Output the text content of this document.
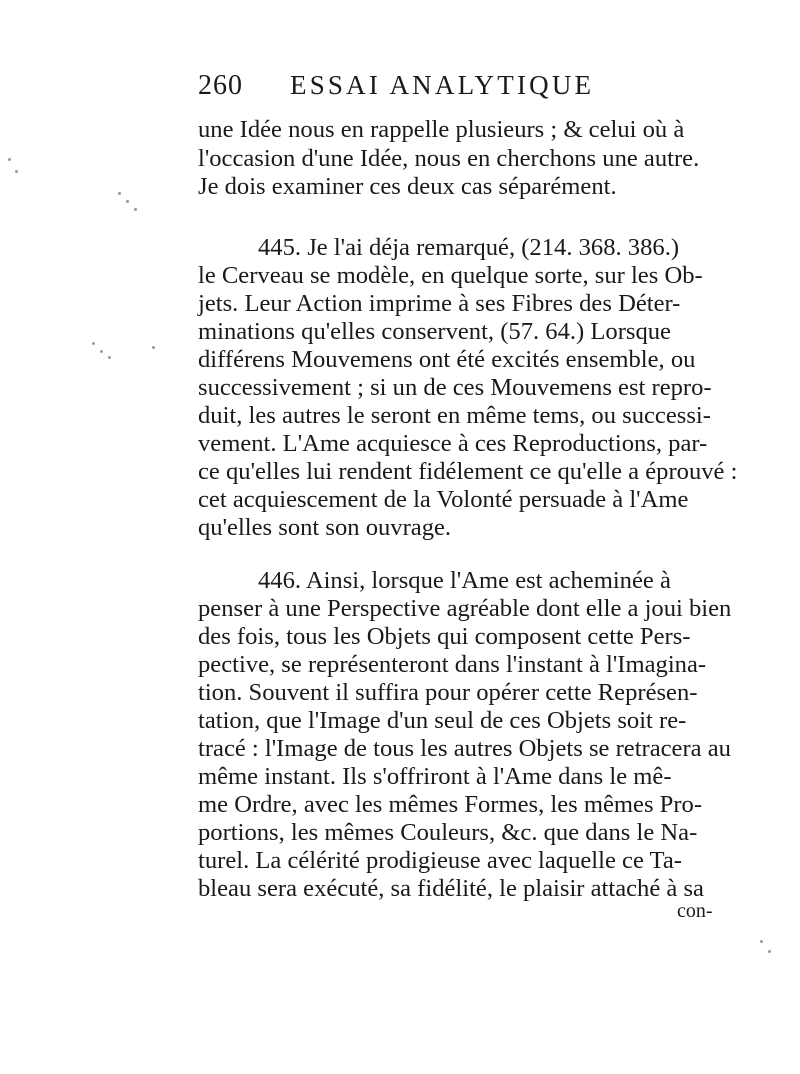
260 ESSAI ANALYTIQUE
une Idée nous en rappelle plusieurs ; & celui où à
l'occasion d'une Idée, nous en cherchons une autre.
Je dois examiner ces deux cas séparément.
445. Je l'ai déja remarqué, (214. 368. 386.)
le Cerveau se modèle, en quelque sorte, sur les Ob-
jets. Leur Action imprime à ses Fibres des Déter-
minations qu'elles conservent, (57. 64.) Lorsque
différens Mouvemens ont été excités ensemble, ou
successivement ; si un de ces Mouvemens est repro-
duit, les autres le seront en même tems, ou successi-
vement. L'Ame acquiesce à ces Reproductions, par-
ce qu'elles lui rendent fidélement ce qu'elle a éprouvé :
cet acquiescement de la Volonté persuade à l'Ame
qu'elles sont son ouvrage.
446. Ainsi, lorsque l'Ame est acheminée à
penser à une Perspective agréable dont elle a joui bien
des fois, tous les Objets qui composent cette Pers-
pective, se représenteront dans l'instant à l'Imagina-
tion. Souvent il suffira pour opérer cette Représen-
tation, que l'Image d'un seul de ces Objets soit re-
tracé : l'Image de tous les autres Objets se retracera au
même instant. Ils s'offriront à l'Ame dans le mê-
me Ordre, avec les mêmes Formes, les mêmes Pro-
portions, les mêmes Couleurs, &c. que dans le Na-
turel. La célérité prodigieuse avec laquelle ce Ta-
bleau sera exécuté, sa fidélité, le plaisir attaché à sa
con-
